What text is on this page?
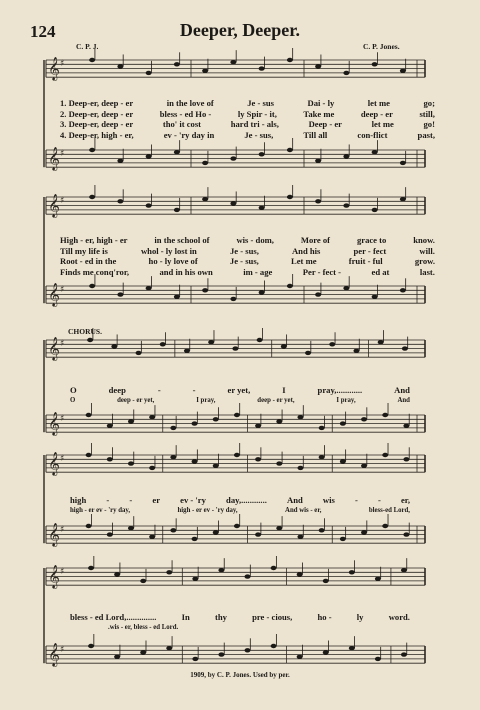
124	Deeper, Deeper.
C. P. J.	C. P. Jones.
𝄞 ♯
𝄞 ♯
𝄞 ♯
𝄞 ♯
𝄞 ♯
𝄞 ♯
𝄞 ♯
𝄞 ♯
𝄞 ♯
𝄞 ♯
1. Deep-er, deep - er	in the love of	Je - sus	Dai - ly	let me	go;
2. Deep-er, deep - er	bless - ed Ho -	ly Spir - it,	Take me	deep - er	still,
3. Deep-er, deep - er	tho' it cost	hard tri - als,	Deep - er	let me	go!
4. Deep-er, high - er,	ev - 'ry day in	Je - sus,	Till all	con-flict	past,
High - er, high - er	in the school of	wis - dom,	More of	grace to	know.
Till my life is	whol - ly lost in	Je - sus,	And his	per - fect	will.
Root - ed in the	ho - ly love of	Je - sus,	Let me	fruit - ful	grow.
Finds me conq'ror,	and in his own	im - age	Per - fect -	ed at	last.
CHORUS.
O	deep	-	-	er yet,	I	pray,............	And
O	deep - er yet,	I pray,	deep - er yet,	I pray,	And
high - - er ev - 'ry day,............ And wis - - er,
high - er ev - 'ry day,	high - er ev - 'ry day,	And wis - er,	bless-ed Lord,
bless - ed Lord,..............	In	thy	pre - cious,	ho -	ly	word.
.wis - er, bless - ed Lord.
1909, by C. P. Jones. Used by per.
